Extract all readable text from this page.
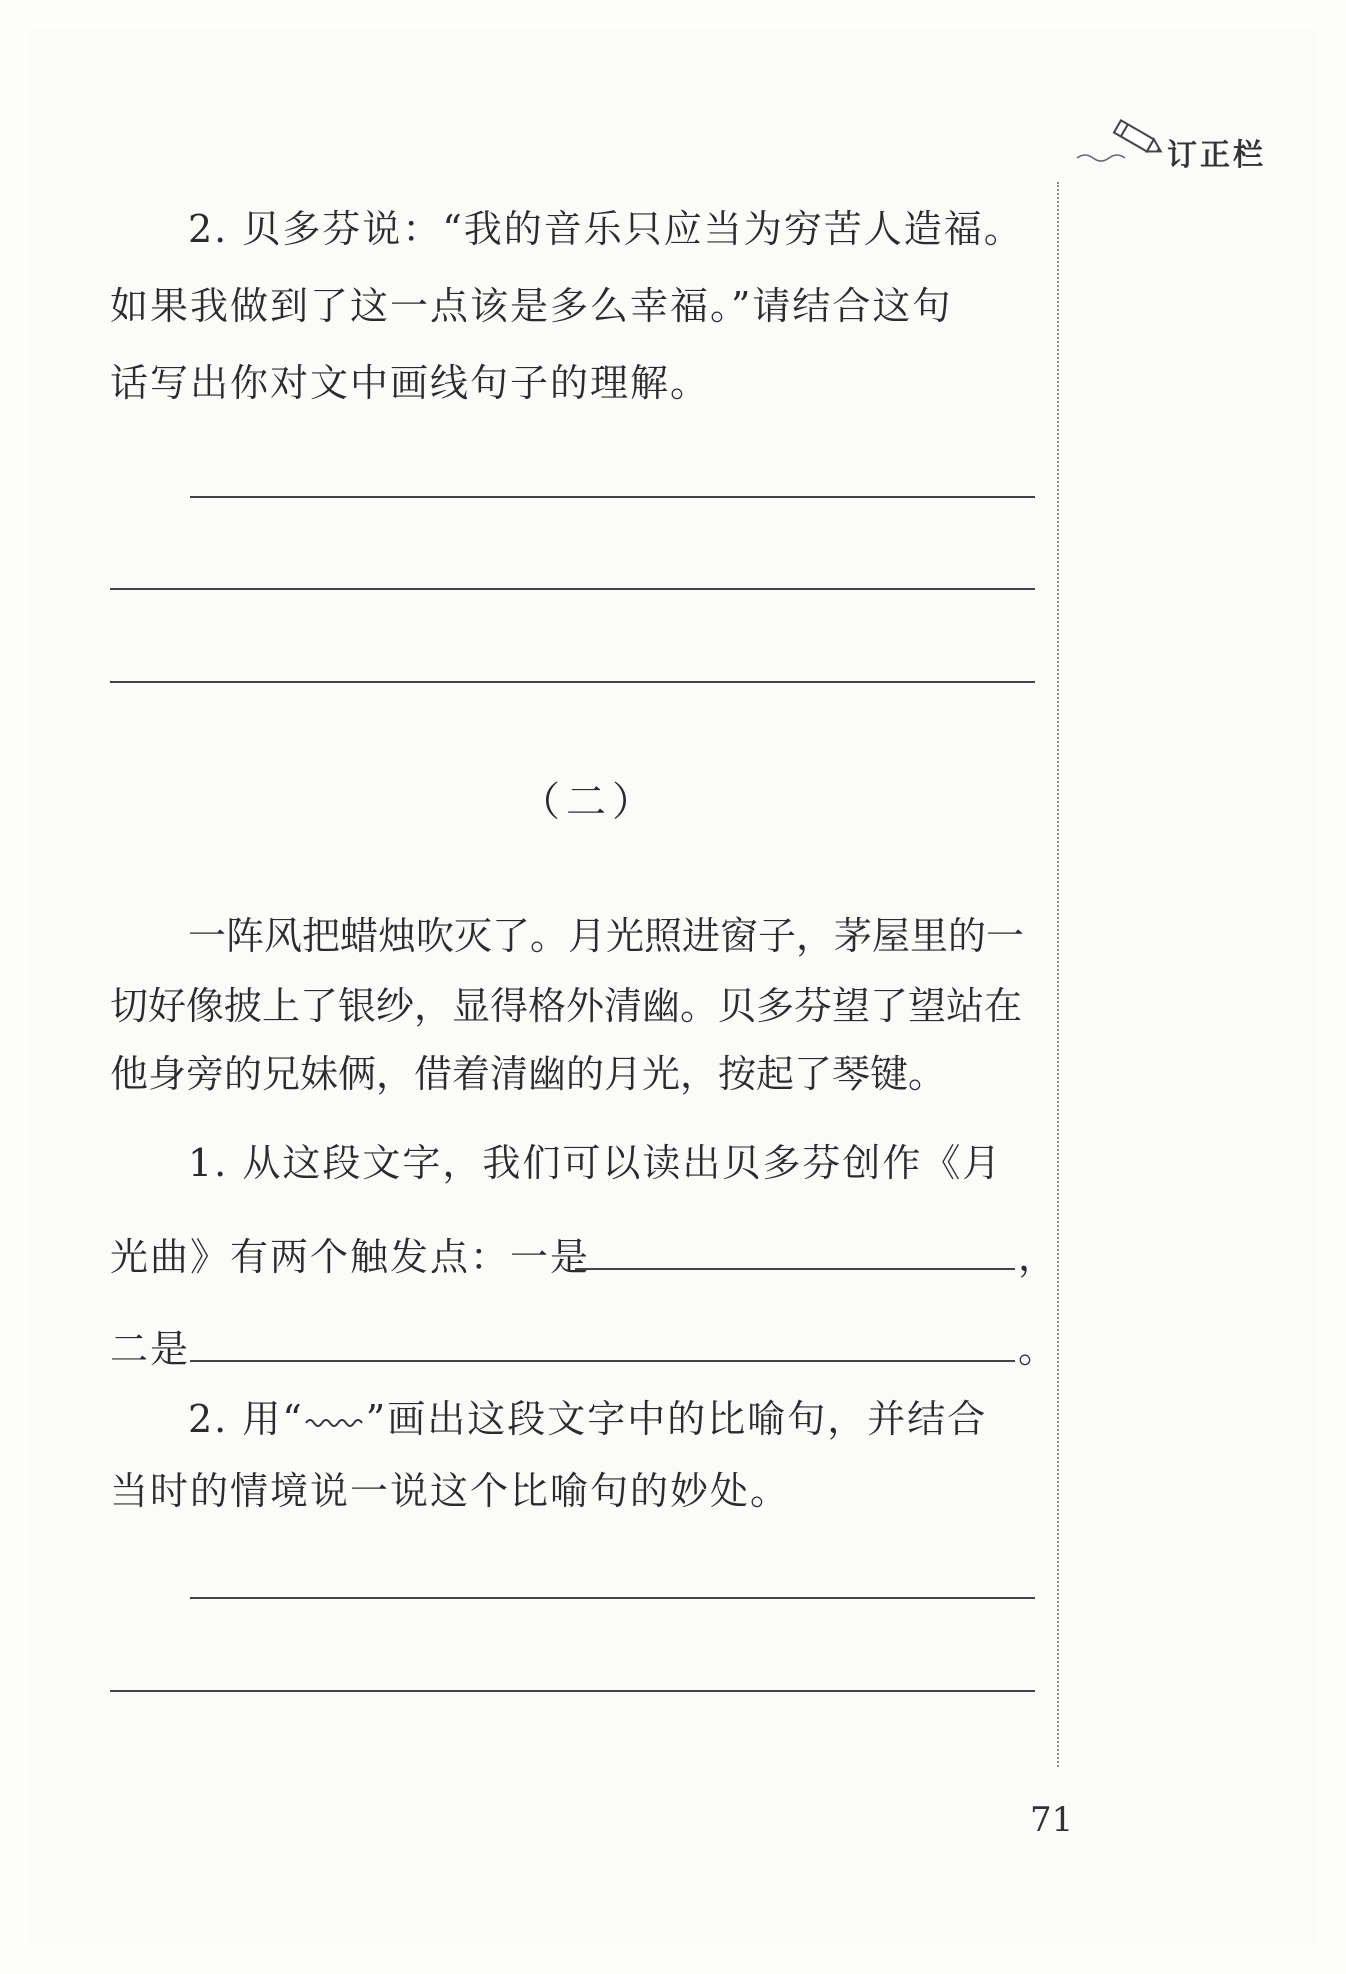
订正栏
2. 贝多芬说：“我的音乐只应当为穷苦人造福。
如果我做到了这一点该是多么幸福。”请结合这句
话写出你对文中画线句子的理解。
（二）
一阵风把蜡烛吹灭了。月光照进窗子，茅屋里的一
切好像披上了银纱，显得格外清幽。贝多芬望了望站在
他身旁的兄妹俩，借着清幽的月光，按起了琴键。
1. 从这段文字，我们可以读出贝多芬创作《月
光曲》有两个触发点：一是	，
二是	。
2. 用“ ”画出这段文字中的比喻句，并结合
当时的情境说一说这个比喻句的妙处。
71
